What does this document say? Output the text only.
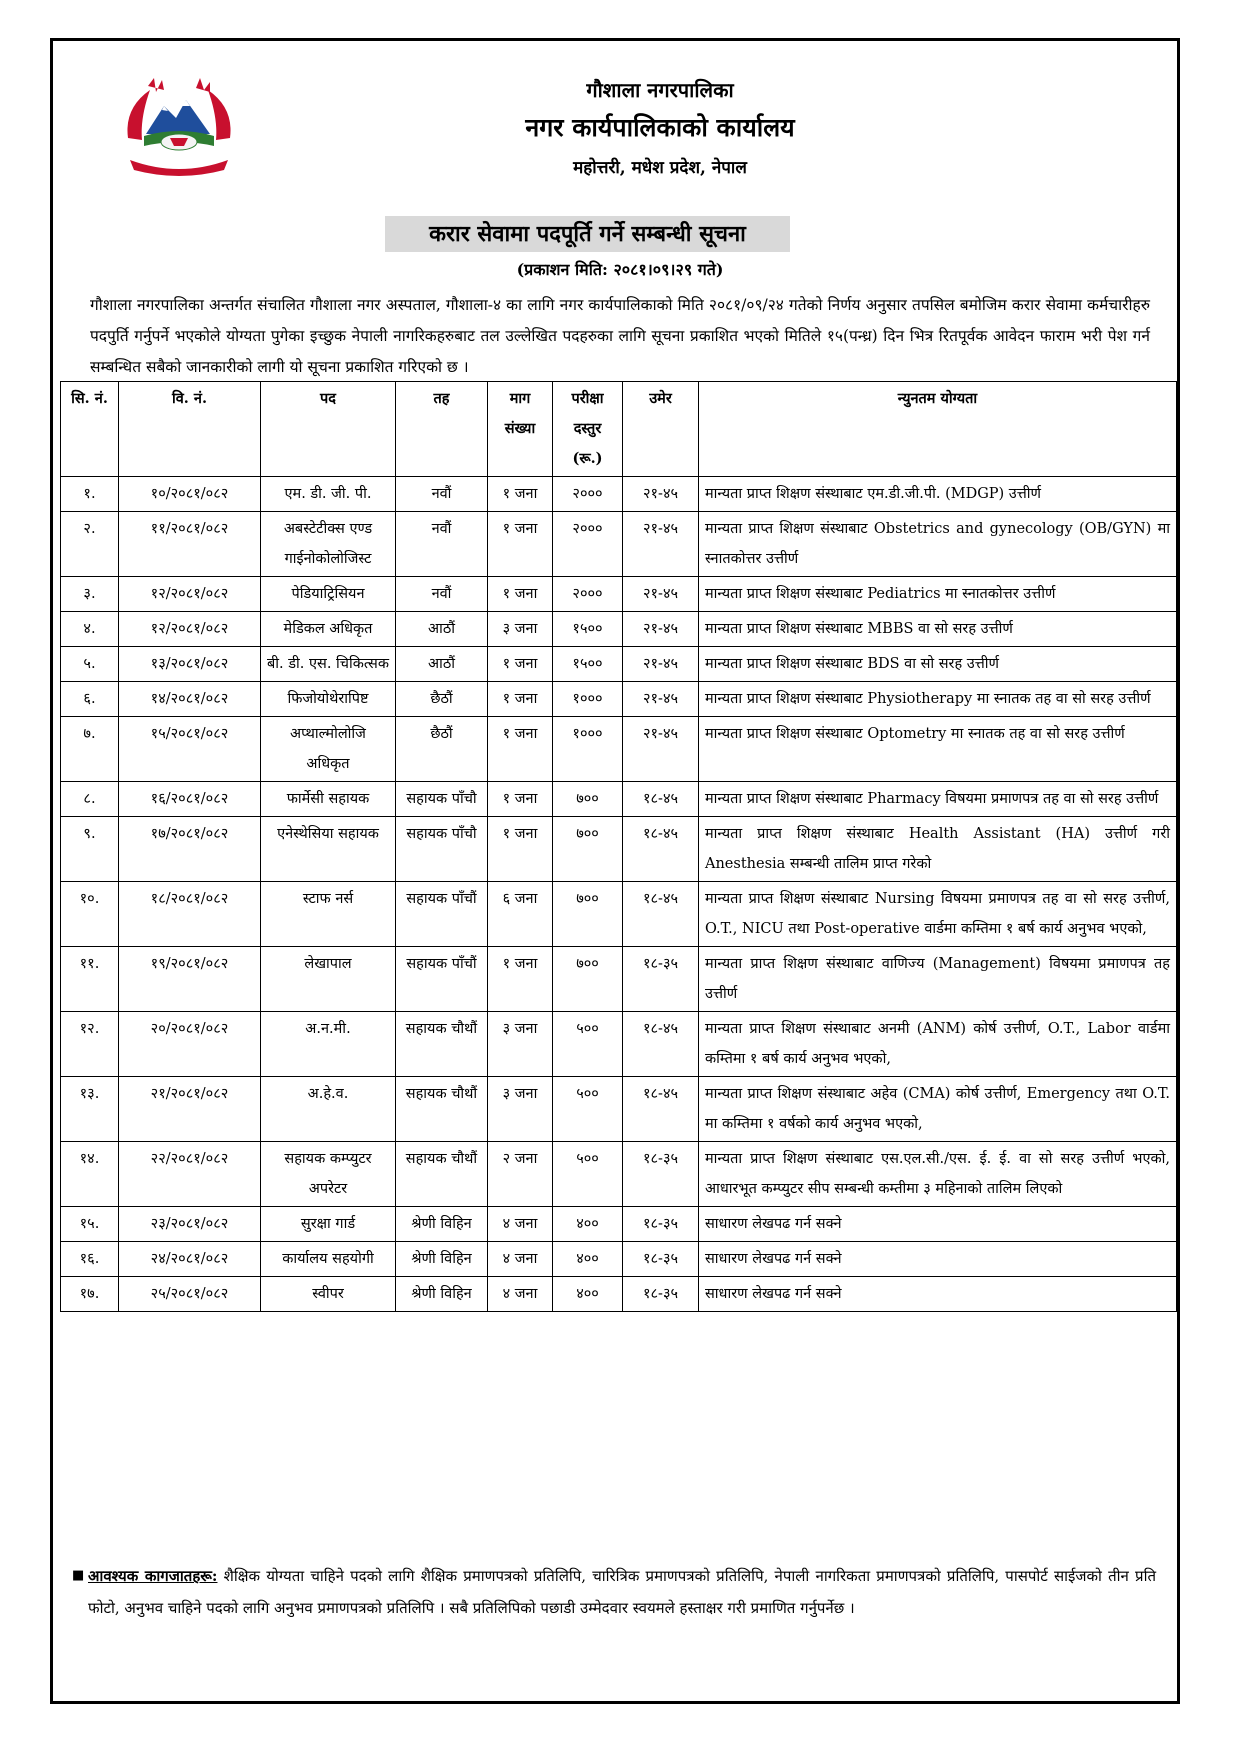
गौशाला नगरपालिका
नगर कार्यपालिकाको कार्यालय
महोत्तरी, मधेश प्रदेश, नेपाल
करार सेवामा पदपूर्ति गर्ने सम्बन्धी सूचना
(प्रकाशन मिति: २०८१।०९।२९ गते)
गौशाला नगरपालिका अन्तर्गत संचालित गौशाला नगर अस्पताल, गौशाला-४ का लागि नगर कार्यपालिकाको मिति २०८१/०९/२४ गतेको निर्णय अनुसार तपसिल बमोजिम करार सेवामा कर्मचारीहरु पदपुर्ति गर्नुपर्ने भएकोले योग्यता पुगेका इच्छुक नेपाली नागरिकहरुबाट तल उल्लेखित पदहरुका लागि सूचना प्रकाशित भएको मितिले १५(पन्ध्र) दिन भित्र रितपूर्वक आवेदन फाराम भरी पेश गर्न सम्बन्धित सबैको जानकारीको लागी यो सूचना प्रकाशित गरिएको छ ।
सि. नं.	वि. नं.	पद	तह	माग संख्या	परीक्षा दस्तुर (रू.)	उमेर	न्युनतम योग्यता
१.	१०/२०८१/०८२	एम. डी. जी. पी.	नवौं	१ जना	२०००	२१-४५	मान्यता प्राप्त शिक्षण संस्थाबाट एम.डी.जी.पी. (MDGP) उत्तीर्ण
२.	११/२०८१/०८२	अबस्टेटीक्स एण्ड गाईनोकोलोजिस्ट	नवौं	१ जना	२०००	२१-४५	मान्यता प्राप्त शिक्षण संस्थाबाट Obstetrics and gynecology (OB/GYN) मा स्नातकोत्तर उत्तीर्ण
३.	१२/२०८१/०८२	पेडियाट्रिसियन	नवौं	१ जना	२०००	२१-४५	मान्यता प्राप्त शिक्षण संस्थाबाट Pediatrics मा स्नातकोत्तर उत्तीर्ण
४.	१२/२०८१/०८२	मेडिकल अधिकृत	आठौं	३ जना	१५००	२१-४५	मान्यता प्राप्त शिक्षण संस्थाबाट MBBS वा सो सरह उत्तीर्ण
५.	१३/२०८१/०८२	बी. डी. एस. चिकित्सक	आठौं	१ जना	१५००	२१-४५	मान्यता प्राप्त शिक्षण संस्थाबाट BDS वा सो सरह उत्तीर्ण
६.	१४/२०८१/०८२	फिजोयोथेरापिष्ट	छैठौं	१ जना	१०००	२१-४५	मान्यता प्राप्त शिक्षण संस्थाबाट Physiotherapy मा स्नातक तह वा सो सरह उत्तीर्ण
७.	१५/२०८१/०८२	अप्थाल्मोलोजि अधिकृत	छैठौं	१ जना	१०००	२१-४५	मान्यता प्राप्त शिक्षण संस्थाबाट Optometry मा स्नातक तह वा सो सरह उत्तीर्ण
८.	१६/२०८१/०८२	फार्मेसी सहायक	सहायक पाँचौ	१ जना	७००	१८-४५	मान्यता प्राप्त शिक्षण संस्थाबाट Pharmacy विषयमा प्रमाणपत्र तह वा सो सरह उत्तीर्ण
९.	१७/२०८१/०८२	एनेस्थेसिया सहायक	सहायक पाँचौ	१ जना	७००	१८-४५	मान्यता प्राप्त शिक्षण संस्थाबाट Health Assistant (HA) उत्तीर्ण गरी Anesthesia सम्बन्धी तालिम प्राप्त गरेको
१०.	१८/२०८१/०८२	स्टाफ नर्स	सहायक पाँचौं	६ जना	७००	१८-४५	मान्यता प्राप्त शिक्षण संस्थाबाट Nursing विषयमा प्रमाणपत्र तह वा सो सरह उत्तीर्ण, O.T., NICU तथा Post-operative वार्डमा कम्तिमा १ बर्ष कार्य अनुभव भएको,
११.	१९/२०८१/०८२	लेखापाल	सहायक पाँचौं	१ जना	७००	१८-३५	मान्यता प्राप्त शिक्षण संस्थाबाट वाणिज्य (Management) विषयमा प्रमाणपत्र तह उत्तीर्ण
१२.	२०/२०८१/०८२	अ.न.मी.	सहायक चौथौं	३ जना	५००	१८-४५	मान्यता प्राप्त शिक्षण संस्थाबाट अनमी (ANM) कोर्ष उत्तीर्ण, O.T., Labor वार्डमा कम्तिमा १ बर्ष कार्य अनुभव भएको,
१३.	२१/२०८१/०८२	अ.हे.व.	सहायक चौथौं	३ जना	५००	१८-४५	मान्यता प्राप्त शिक्षण संस्थाबाट अहेव (CMA) कोर्ष उत्तीर्ण, Emergency तथा O.T. मा कम्तिमा १ वर्षको कार्य अनुभव भएको,
१४.	२२/२०८१/०८२	सहायक कम्प्युटर अपरेटर	सहायक चौथौं	२ जना	५००	१८-३५	मान्यता प्राप्त शिक्षण संस्थाबाट एस.एल.सी./एस. ई. ई. वा सो सरह उत्तीर्ण भएको, आधारभूत कम्प्युटर सीप सम्बन्धी कम्तीमा ३ महिनाको तालिम लिएको
१५.	२३/२०८१/०८२	सुरक्षा गार्ड	श्रेणी विहिन	४ जना	४००	१८-३५	साधारण लेखपढ गर्न सक्ने
१६.	२४/२०८१/०८२	कार्यालय सहयोगी	श्रेणी विहिन	४ जना	४००	१८-३५	साधारण लेखपढ गर्न सक्ने
१७.	२५/२०८१/०८२	स्वीपर	श्रेणी विहिन	४ जना	४००	१८-३५	साधारण लेखपढ गर्न सक्ने
■ आवश्यक कागजातहरू: शैक्षिक योग्यता चाहिने पदको लागि शैक्षिक प्रमाणपत्रको प्रतिलिपि, चारित्रिक प्रमाणपत्रको प्रतिलिपि, नेपाली नागरिकता प्रमाणपत्रको प्रतिलिपि, पासपोर्ट साईजको तीन प्रति फोटो, अनुभव चाहिने पदको लागि अनुभव प्रमाणपत्रको प्रतिलिपि । सबै प्रतिलिपिको पछाडी उम्मेदवार स्वयमले हस्ताक्षर गरी प्रमाणित गर्नुपर्नेछ ।
